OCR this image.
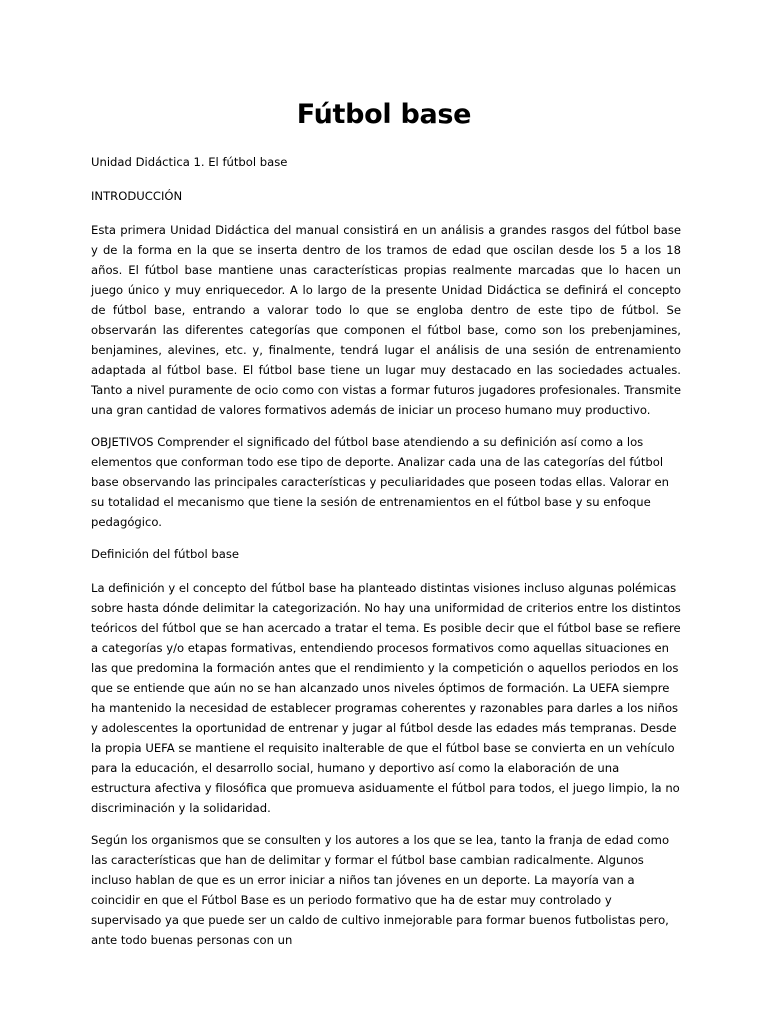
Fútbol base

Unidad Didáctica 1. El fútbol base

INTRODUCCIÓN

Esta primera Unidad Didáctica del manual consistirá en un análisis a grandes rasgos del fútbol base y de la forma en la que se inserta dentro de los tramos de edad que oscilan desde los 5 a los 18 años. El fútbol base mantiene unas características propias realmente marcadas que lo hacen un juego único y muy enriquecedor. A lo largo de la presente Unidad Didáctica se definirá el concepto de fútbol base, entrando a valorar todo lo que se engloba dentro de este tipo de fútbol. Se observarán las diferentes categorías que componen el fútbol base, como son los prebenjamines, benjamines, alevines, etc. y, finalmente, tendrá lugar el análisis de una sesión de entrenamiento adaptada al fútbol base. El fútbol base tiene un lugar muy destacado en las sociedades actuales. Tanto a nivel puramente de ocio como con vistas a formar futuros jugadores profesionales. Transmite una gran cantidad de valores formativos además de iniciar un proceso humano muy productivo.

OBJETIVOS Comprender el significado del fútbol base atendiendo a su definición así como a los elementos que conforman todo ese tipo de deporte. Analizar cada una de las categorías del fútbol base observando las principales características y peculiaridades que poseen todas ellas. Valorar en su totalidad el mecanismo que tiene la sesión de entrenamientos en el fútbol base y su enfoque pedagógico.

Definición del fútbol base

La definición y el concepto del fútbol base ha planteado distintas visiones incluso algunas polémicas sobre hasta dónde delimitar la categorización. No hay una uniformidad de criterios entre los distintos teóricos del fútbol que se han acercado a tratar el tema. Es posible decir que el fútbol base se refiere a categorías y/o etapas formativas, entendiendo procesos formativos como aquellas situaciones en las que predomina la formación antes que el rendimiento y la competición o aquellos periodos en los que se entiende que aún no se han alcanzado unos niveles óptimos de formación. La UEFA siempre ha mantenido la necesidad de establecer programas coherentes y razonables para darles a los niños y adolescentes la oportunidad de entrenar y jugar al fútbol desde las edades más tempranas. Desde la propia UEFA se mantiene el requisito inalterable de que el fútbol base se convierta en un vehículo para la educación, el desarrollo social, humano y deportivo así como la elaboración de una estructura afectiva y filosófica que promueva asiduamente el fútbol para todos, el juego limpio, la no discriminación y la solidaridad.

Según los organismos que se consulten y los autores a los que se lea, tanto la franja de edad como las características que han de delimitar y formar el fútbol base cambian radicalmente. Algunos incluso hablan de que es un error iniciar a niños tan jóvenes en un deporte. La mayoría van a coincidir en que el Fútbol Base es un periodo formativo que ha de estar muy controlado y supervisado ya que puede ser un caldo de cultivo inmejorable para formar buenos futbolistas pero, ante todo buenas personas con un
